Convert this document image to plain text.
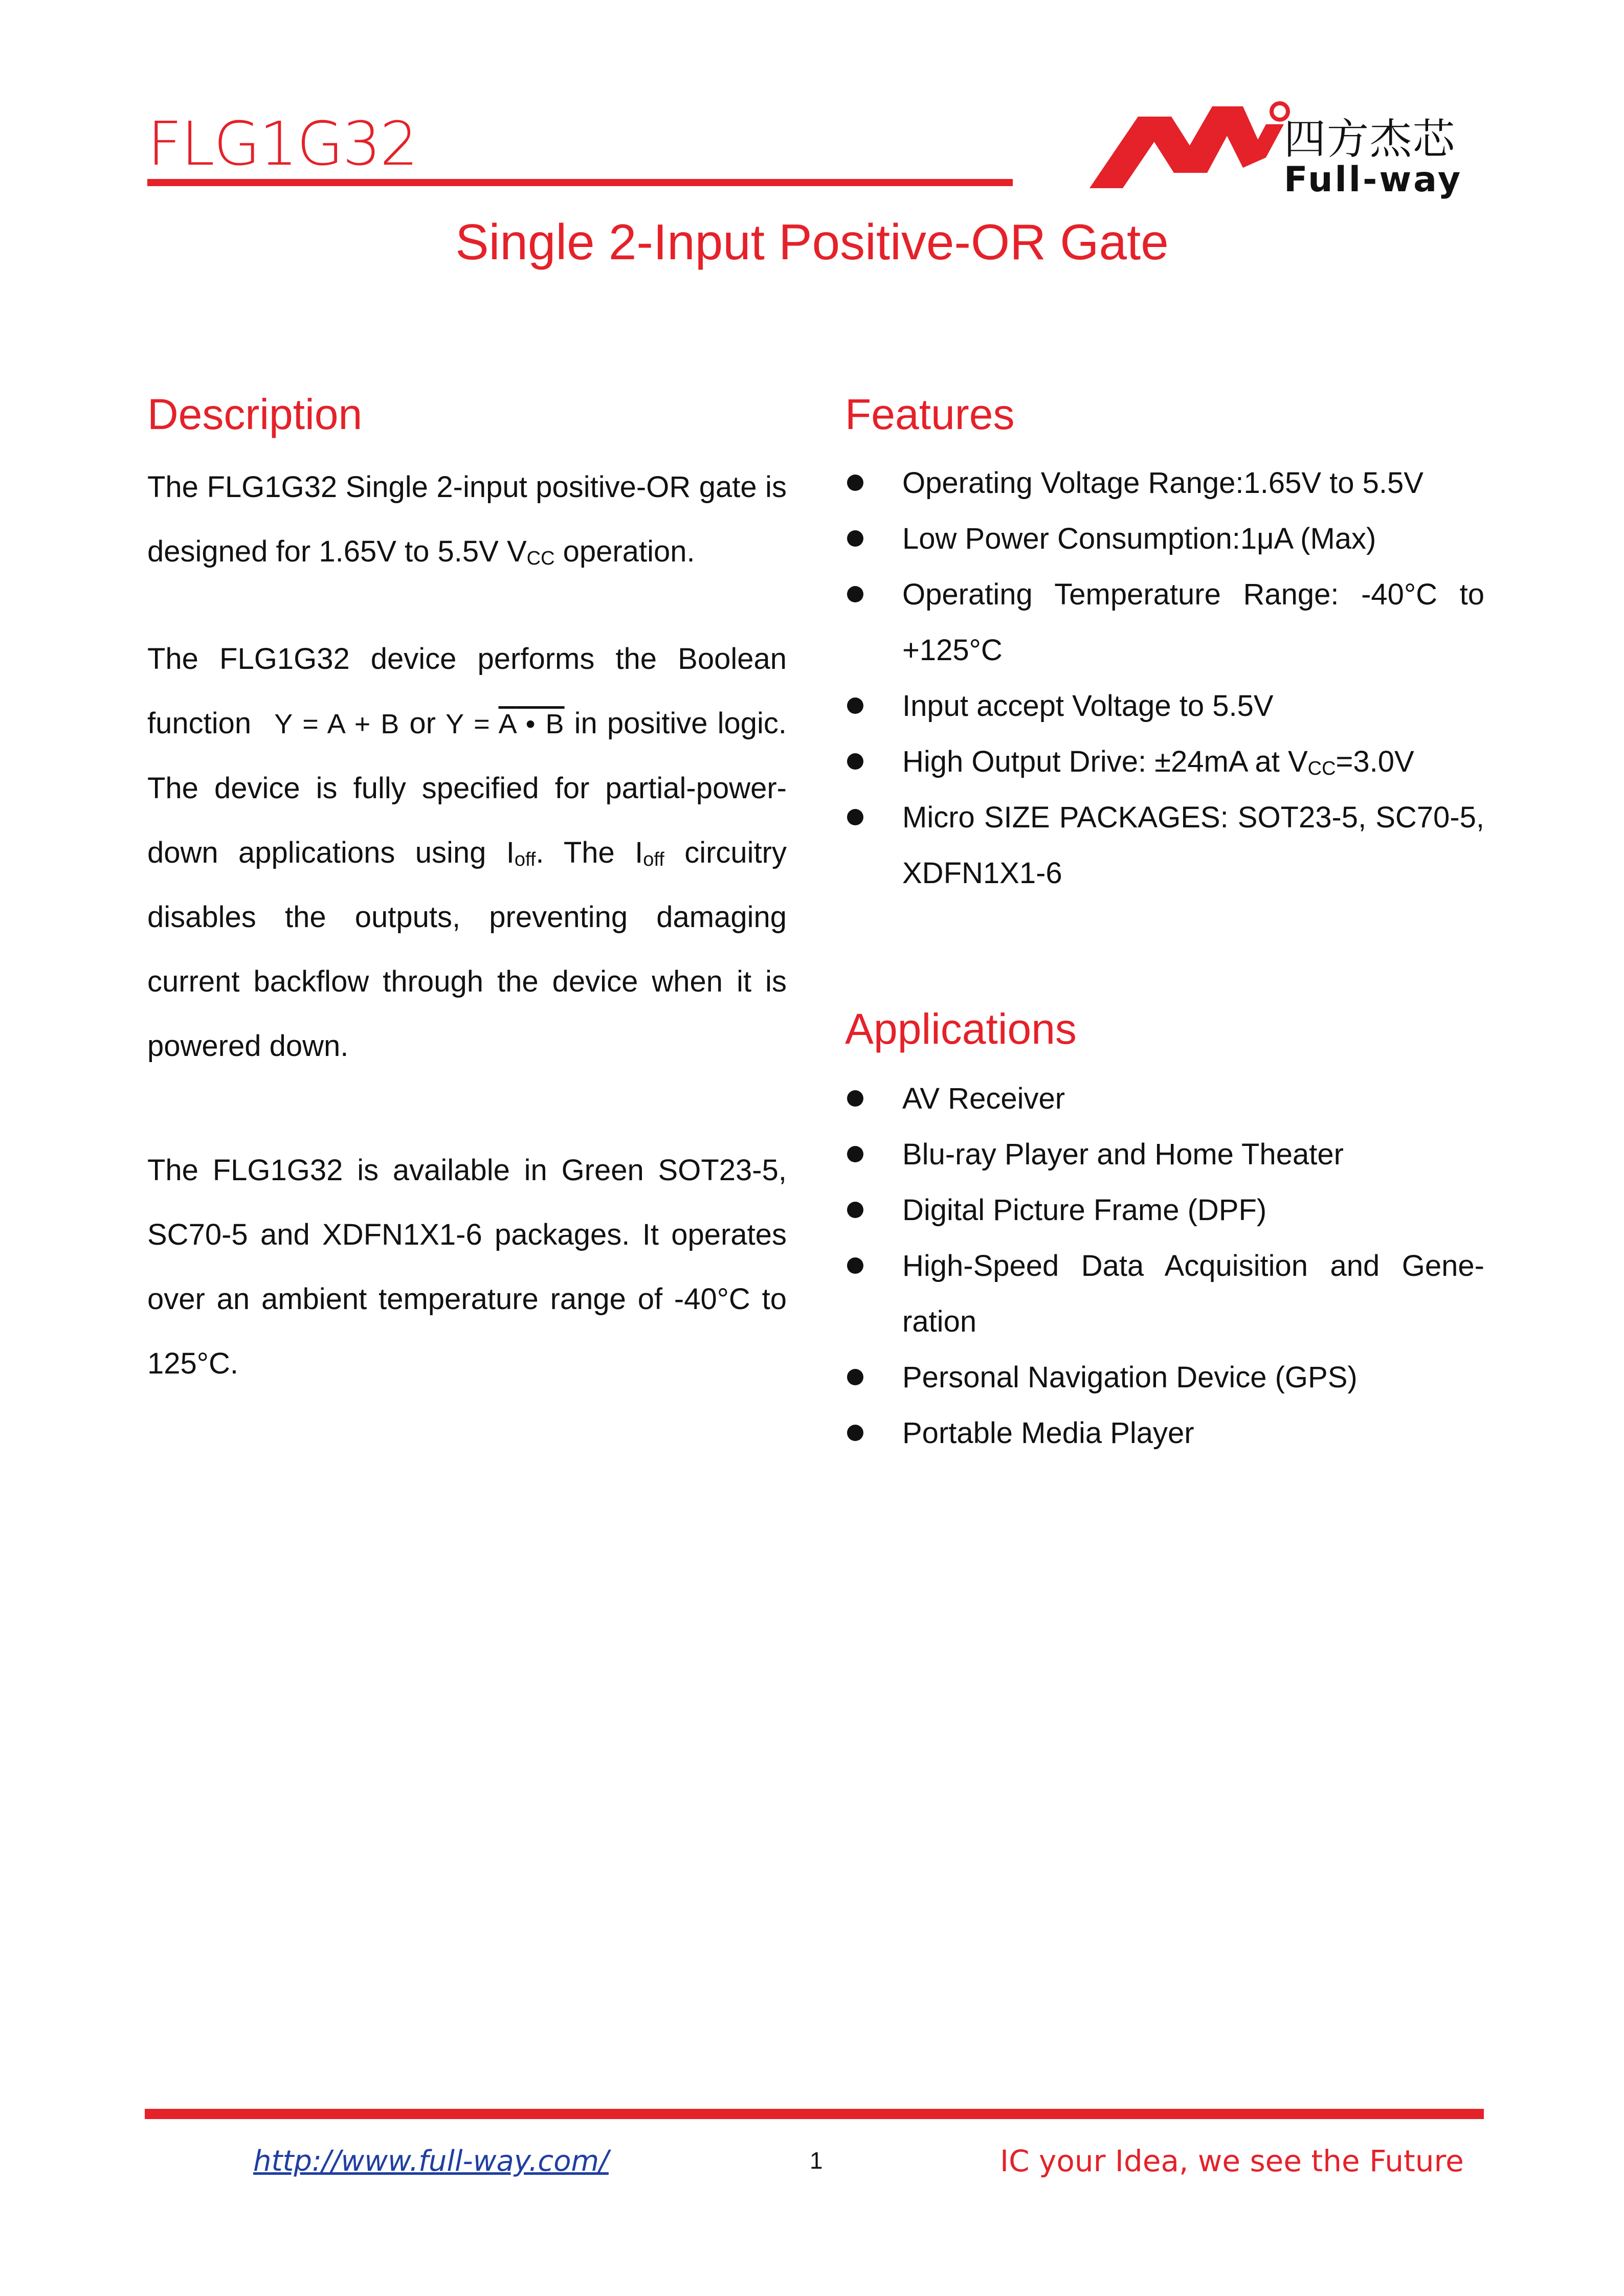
FLG1G32	四方杰芯
Full-way
Single 2-Input Positive-OR Gate
Description
The FLG1G32 Single 2-input positive-OR gate is designed for 1.65V to 5.5V $V_{CC}$ operation.
The FLG1G32 device performs the Boolean function Y = A + B or Y = A • B in positive logic. The device is fully specified for partial-power-down applications using $I_{off}$. The $I_{off}$ circuitry disables the outputs, preventing damaging current backflow through the device when it is powered down.
The FLG1G32 is available in Green SOT23-5, SC70-5 and XDFN1X1-6 packages. It operates over an ambient temperature range of -40°C to 125°C.
Features
Operating Voltage Range:1.65V to 5.5V
Low Power Consumption:1μA (Max)
Operating Temperature Range: -40°C to +125°C
Input accept Voltage to 5.5V
High Output Drive: ±24mA at $V_{CC}=3.0V$
Micro SIZE PACKAGES: SOT23-5, SC70-5, XDFN1X1-6
Applications
AV Receiver
Blu-ray Player and Home Theater
Digital Picture Frame (DPF)
High-Speed Data Acquisition and Gene-ration
Personal Navigation Device (GPS)
Portable Media Player
http://www.full-way.com/	1	IC your Idea, we see the Future
